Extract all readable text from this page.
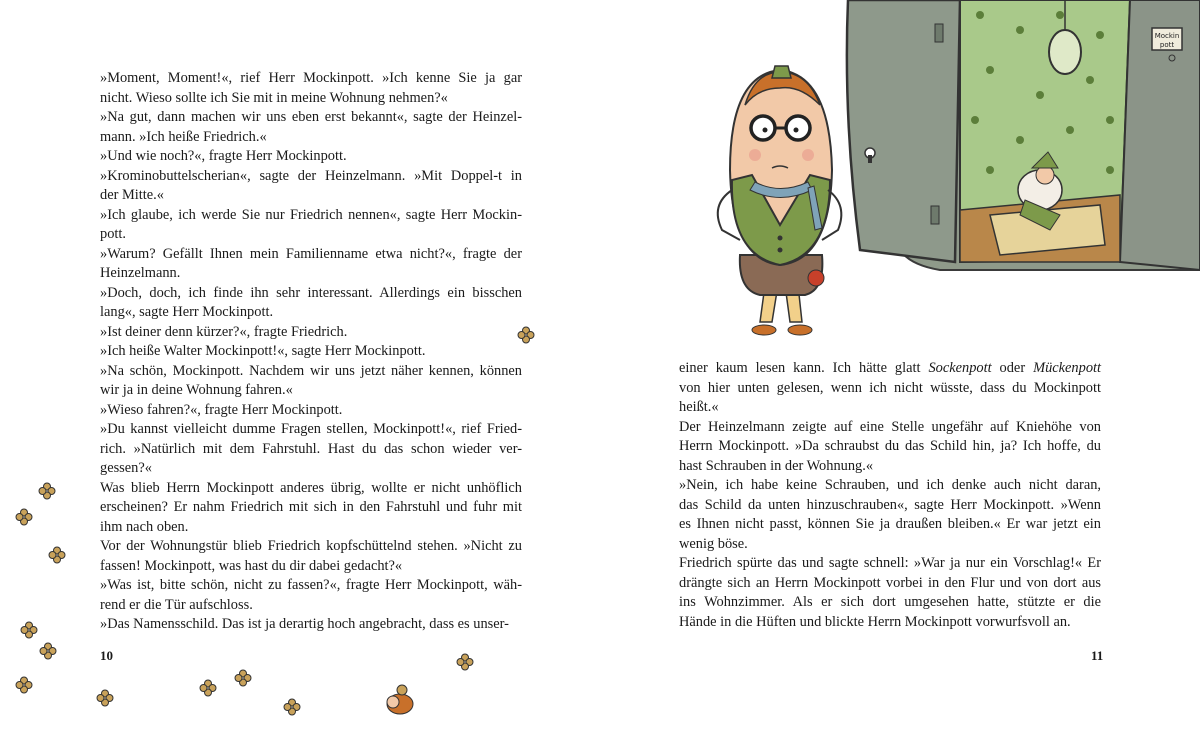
»Moment, Moment!«, rief Herr Mockinpott. »Ich kenne Sie ja gar
nicht. Wieso sollte ich Sie mit in meine Wohnung nehmen?«
»Na gut, dann machen wir uns eben erst bekannt«, sagte der Heinzel-
mann. »Ich heiße Friedrich.«
»Und wie noch?«, fragte Herr Mockinpott.
»Krominobuttelscherian«, sagte der Heinzelmann. »Mit Doppel-t in
der Mitte.«
»Ich glaube, ich werde Sie nur Friedrich nennen«, sagte Herr Mockin-
pott.
»Warum? Gefällt Ihnen mein Familienname etwa nicht?«, fragte der
Heinzelmann.
»Doch, doch, ich finde ihn sehr interessant. Allerdings ein bisschen
lang«, sagte Herr Mockinpott.
»Ist deiner denn kürzer?«, fragte Friedrich.
»Ich heiße Walter Mockinpott!«, sagte Herr Mockinpott.
»Na schön, Mockinpott. Nachdem wir uns jetzt näher kennen, können
wir ja in deine Wohnung fahren.«
»Wieso fahren?«, fragte Herr Mockinpott.
»Du kannst vielleicht dumme Fragen stellen, Mockinpott!«, rief Fried-
rich. »Natürlich mit dem Fahrstuhl. Hast du das schon wieder ver-
gessen?«
Was blieb Herrn Mockinpott anderes übrig, wollte er nicht unhöflich
erscheinen? Er nahm Friedrich mit sich in den Fahrstuhl und fuhr mit
ihm nach oben.
Vor der Wohnungstür blieb Friedrich kopfschüttelnd stehen. »Nicht zu
fassen! Mockinpott, was hast du dir dabei gedacht?«
»Was ist, bitte schön, nicht zu fassen?«, fragte Herr Mockinpott, wäh-
rend er die Tür aufschloss.
»Das Namensschild. Das ist ja derartig hoch angebracht, dass es unser-
10
Mockin
pott
einer kaum lesen kann. Ich hätte glatt Sockenpott oder Mückenpott
von hier unten gelesen, wenn ich nicht wüsste, dass du Mockinpott
heißt.«
Der Heinzelmann zeigte auf eine Stelle ungefähr auf Kniehöhe von
Herrn Mockinpott. »Da schraubst du das Schild hin, ja? Ich hoffe, du
hast Schrauben in der Wohnung.«
»Nein, ich habe keine Schrauben, und ich denke auch nicht daran,
das Schild da unten hinzuschrauben«, sagte Herr Mockinpott. »Wenn
es Ihnen nicht passt, können Sie ja draußen bleiben.« Er war jetzt ein
wenig böse.
Friedrich spürte das und sagte schnell: »War ja nur ein Vorschlag!« Er
drängte sich an Herrn Mockinpott vorbei in den Flur und von dort aus
ins Wohnzimmer. Als er sich dort umgesehen hatte, stützte er die
Hände in die Hüften und blickte Herrn Mockinpott vorwurfsvoll an.
11
